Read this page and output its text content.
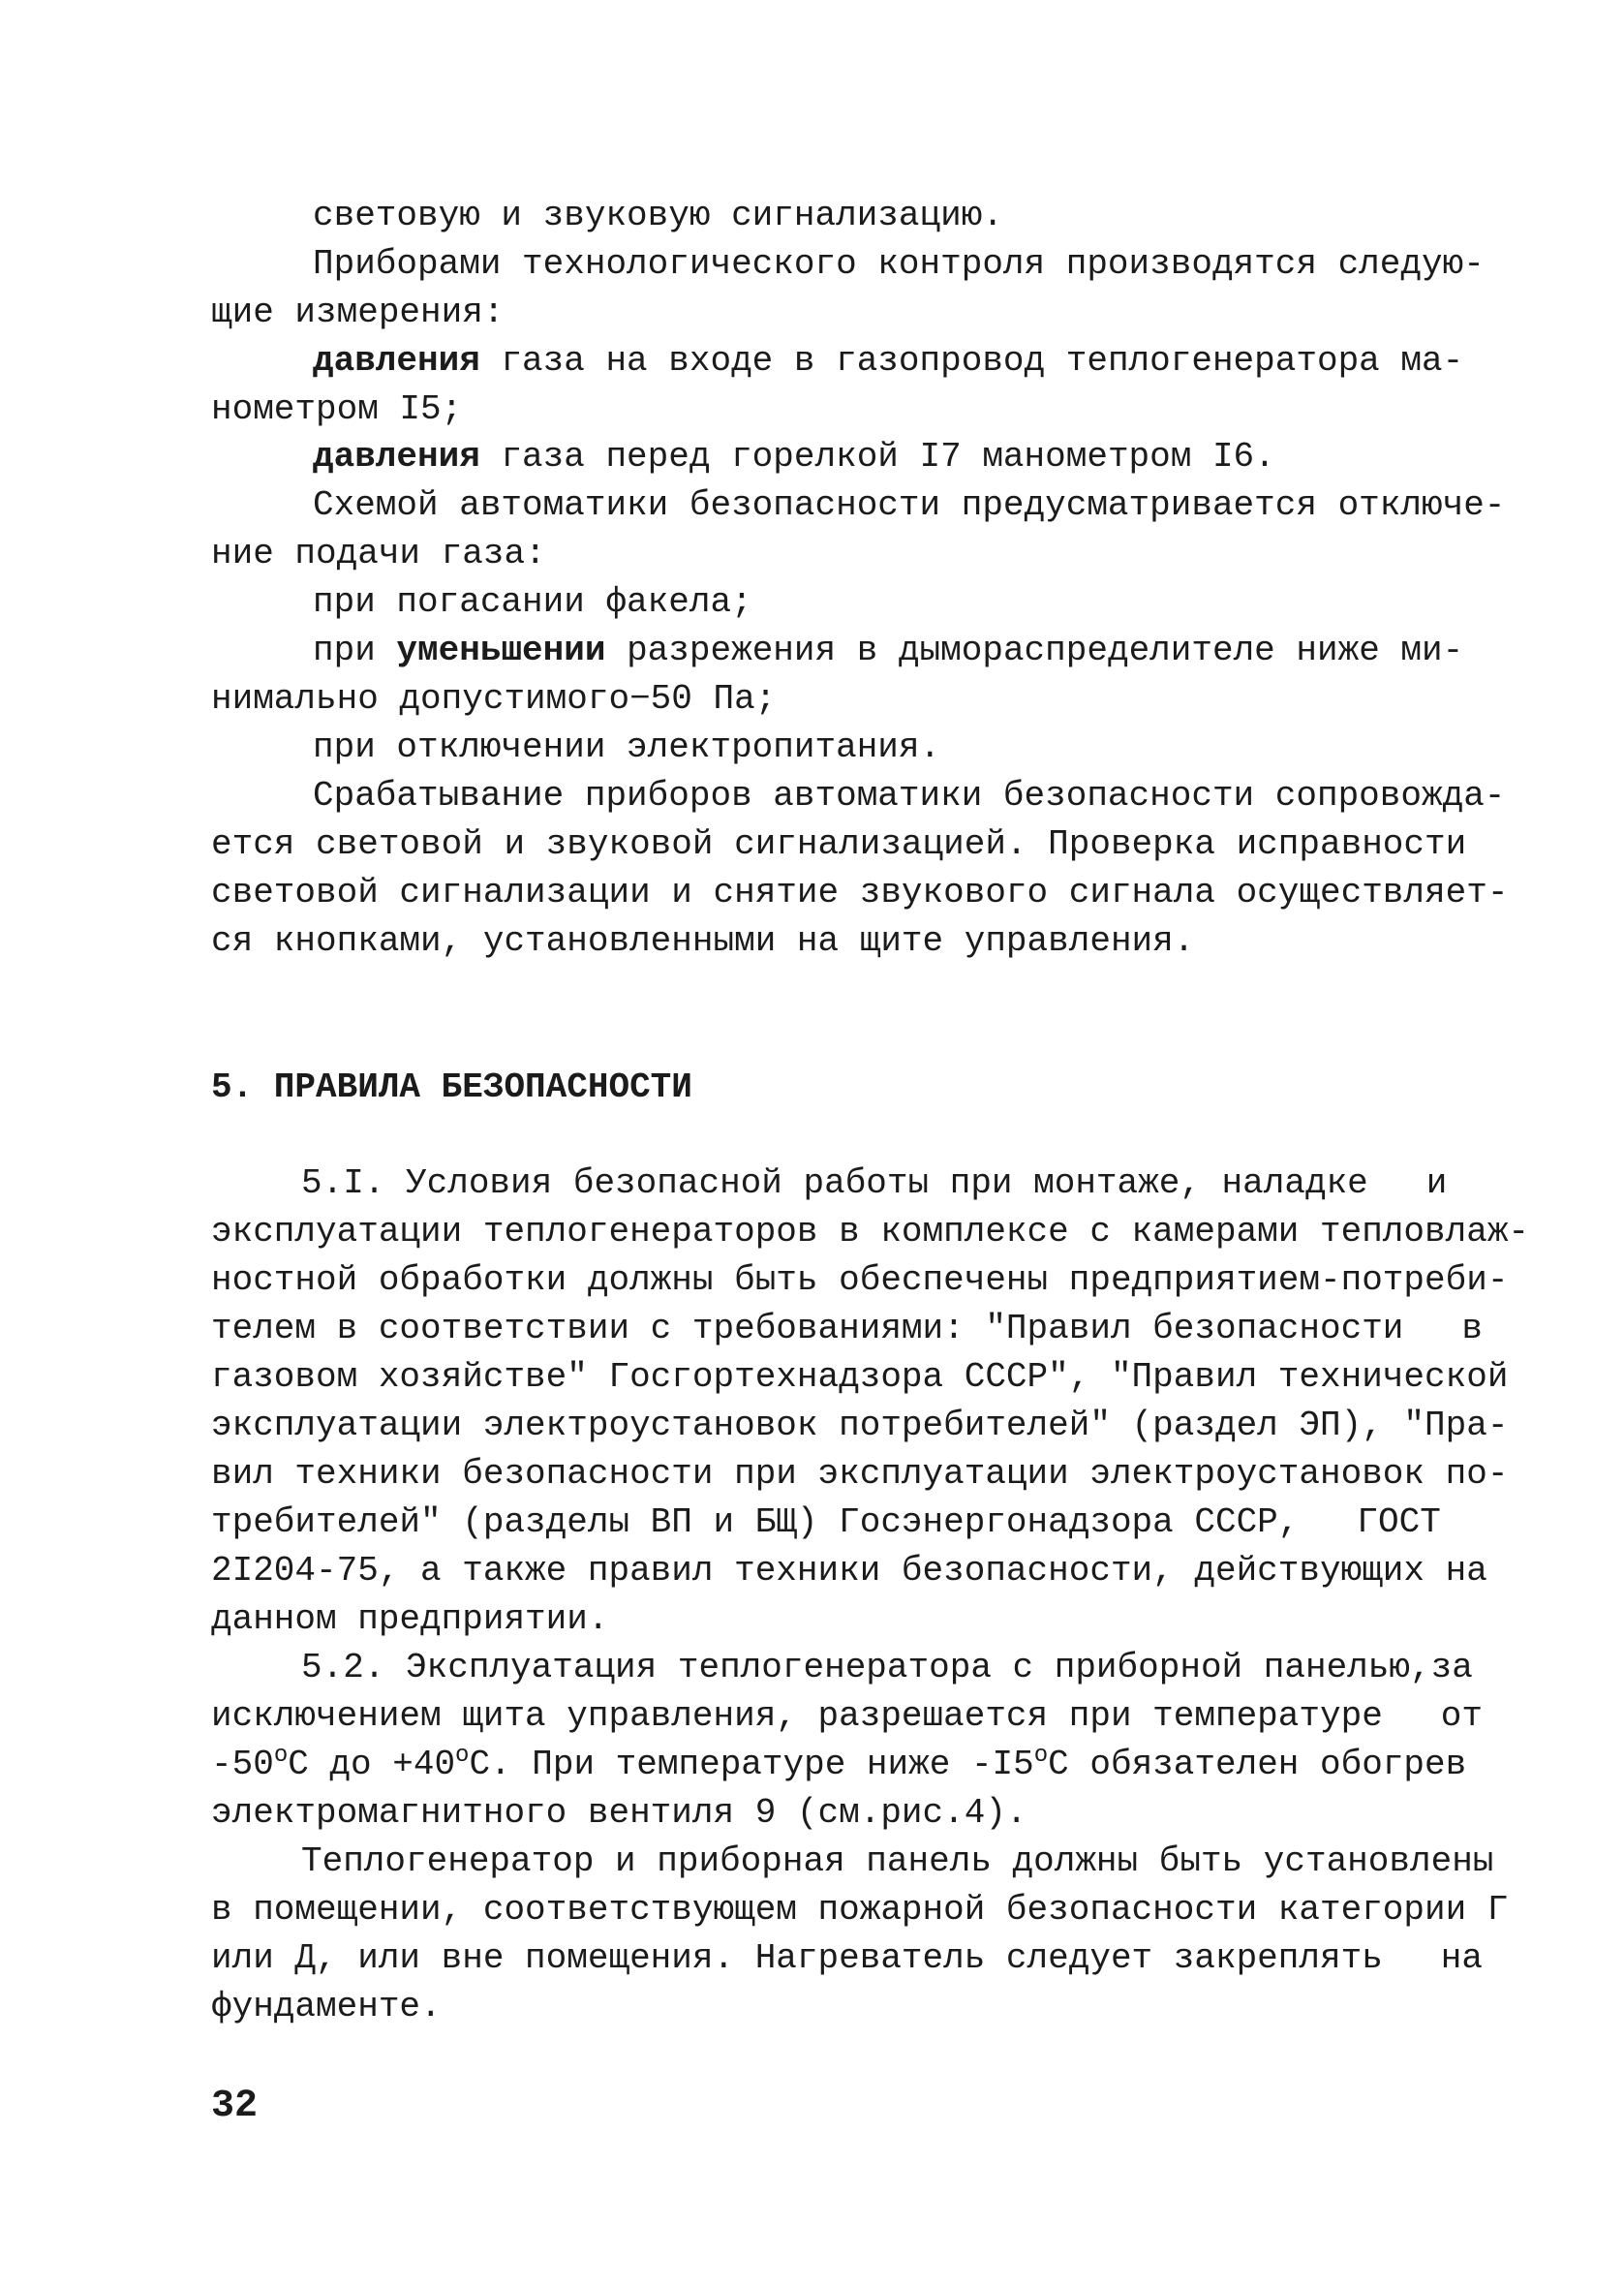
световую и звуковую сигнализацию.
Приборами технологического контроля производятся следую-
щие измерения:
давления газа на входе в газопровод теплогенератора ма-
нометром I5;
давления газа перед горелкой I7 манометром I6.
Схемой автоматики безопасности предусматривается отключе-
ние подачи газа:
при погасании факела;
при уменьшении разрежения в дымораспределителе ниже ми-
нимально допустимого−50 Па;
при отключении электропитания.
Срабатывание приборов автоматики безопасности сопровожда-
ется световой и звуковой сигнализацией. Проверка исправности
световой сигнализации и снятие звукового сигнала осуществляет-
ся кнопками, установленными на щите управления.
5. ПРАВИЛА БЕЗОПАСНОСТИ
5.I. Условия безопасной работы при монтаже, наладке и
эксплуатации теплогенераторов в комплексе с камерами тепловлаж-
ностной обработки должны быть обеспечены предприятием-потреби-
телем в соответствии с требованиями: "Правил безопасности в
газовом хозяйстве" Госгортехнадзора СССР", "Правил технической
эксплуатации электроустановок потребителей" (раздел ЭП), "Пра-
вил техники безопасности при эксплуатации электроустановок по-
требителей" (разделы ВП и БЩ) Госэнергонадзора СССР, ГОСТ
2I204-75, а также правил техники безопасности, действующих на
данном предприятии.
5.2. Эксплуатация теплогенератора с приборной панелью,за
исключением щита управления, разрешается при температуре от
$-50^оС$ до $+40^оС$. При температуре ниже $-I5^оС$ обязателен обогрев
электромагнитного вентиля 9 (см.рис.4).
Теплогенератор и приборная панель должны быть установлены
в помещении, соответствующем пожарной безопасности категории Г
или Д, или вне помещения. Нагреватель следует закреплять на
фундаменте.
32
